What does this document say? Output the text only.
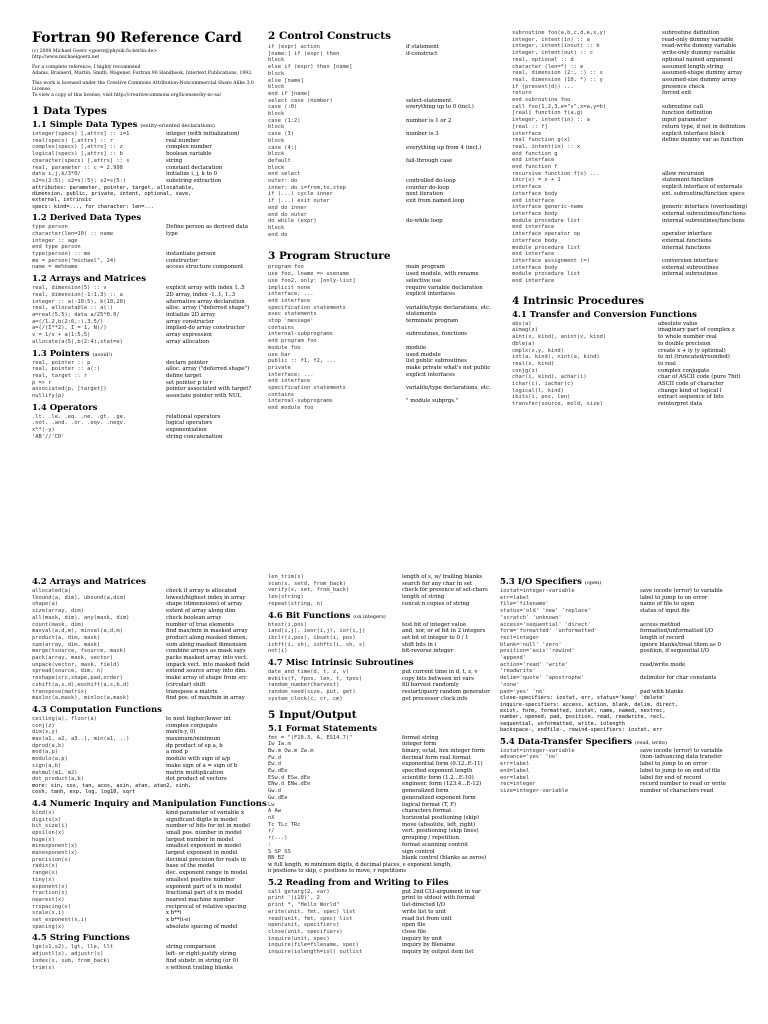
Fortran 90 Reference Card

(c) 2008 Michael Goerz <goerz@physik.fu-berlin.de>

http://www.michaelgoerz.net

For a complete reference, I highly recommend

Adams, Brainerd, Martin, Smith, Wagener, Fortran 90 Handbook, Intertext Publications, 1992.

This work is licensed under the Creative Commons Attribution-Noncommercial-Share Alike 3.0 License.

To view a copy of this license, visit http://creativecommons.org/licenses/by-nc-sa/

1 Data Types
1.1 Simple Data Types (entity-oriented declarations)
integer(specs) [,attrs] :: i=1	integer (with initialization)
real(specs) [,attrs] :: r	real number
complex(specs) [,attrs] :: z	complex number
logical(specs) [,attrs] :: b	boolean variable
character(specs) [,attrs] :: s	string
real, parameter :: c = 2.998	constant declaration
data i,j,k/3*0/	initialize i, j, k to 0
s2=s(2:5); s2=s(:5); s2=s(5:)	substring extraction

attributes: parameter, pointer, target, allocatable,

dimension, public, private, intent, optional, save,

external, intrinsic

specs: kind=..., for character: len=...

1.2 Derived Data Types
type person	Define person as derived data
character(len=10) :: name	type
integer :: age	
end type person	
type(person) :: me	instantiate person
me = person("michael", 24)	constructor
name = me%name	access structure component
1.2 Arrays and Matrices
real, dimension(5) :: v	explicit array with index 1..5
real, dimension(-1:1,3) :: a	2D array, index -1..1, 1..3
integer :: a(-10:5), b(10,20)	alternative array declaration
real, allocatable :: a(:)	alloc. array ("deferred shape")
a=real(5,5); data a/25*0.0/	initialize 2D array
a=(/1.2,b(2:6,:),3.5/)	array constructor
a=(/(I**2), I = 1, N)/)	implied-do array constructor
v = 1/v + a(1:5,5)	array expression
allocate(a(5),b(2:4),stat=e)	array allocation
1.3 Pointers (avoid!)
real, pointer :: p	declare pointer
real, pointer :: a(:)	alloc. array ("deferred shape")
real, target :: r	define target
p => r	set pointer p to r
associated(p, [target])	pointer associated with target?
nullify(p)	associate pointer with NUL
1.4 Operators
.lt. .le. .eq. .ne. .gt. .ge.	relational operators
.not. .and. .or. .eqv. .neqv.	logical operators
x**(-y)	exponentiation
'AB'//'CD'	string concatenation
2 Control Constructs
if (expr) action	if statement
[name:] if (expr) then	if-construct
block	
else if (expr) then [name]	
block	
else [name]	
block	
end if [name]	
select case (number)	select-statement
case (:0)	everything up to 0 (incl.)
block	
case (1:2)	number is 1 or 2
block	
case (3)	number is 3
block	
case (4:)	everything up from 4 (incl.)
block	
default	fall-through case
block	
end select	
outer: do	controlled do-loop
inner: do i=from,to,step	counter do-loop
if (...) cycle inner	next iteration
if (...) exit outer	exit from named loop
end do inner	
end do outer	
do while (expr)	do-while loop
block	
end do	
3 Program Structure
program foo	main program
use foo, lname => usename	used module, with rename
use foo2, only: [only-list]	selective use
implicit none	require variable declaration
interface; ...	explicit interfaces
end interface	
specification statements	variable/type declarations, etc.
exec statements	statements
stop 'message'	terminate program
contains	
internal-subprograms	subroutines, functions
end program foo	
module foo	module
use bar	used module
public :: f1, f2, ...	list public subroutines
private	make private what's not public
interface; ...	explicit interfaces
end interface	
specification statements	variable/type declarations, etc.
contains	
internal-subprograms	" module subprgs."
end module foo	
subroutine foo(a,b,c,d,e,x,y)	subroutine definition
integer, intent(in) :: a	read-only dummy variable
integer, intent(inout) :: b	read-write dummy variable
integer, intent(out) :: c	write-only dummy variable
real, optional :: d	optional named argument
character (len=*) :: e	assumed length string
real, dimension (2:, :) :: x	assumed-shape dummy array
real, dimension (10, *) :: y	assumed-size dummy array
if (present(d)) ...	presence check
return	forced exit
end subroutine foo	
call foo(1,2,3,e="s",x=a,y=b)	subroutine call
[real] function f(a,g)	function definition
integer, intent(in) :: a	input parameter
[real :: f]	return type, if not in definition
interface	explicit interface block
real function g(x)	define dummy var as function
real, intent(in) :: x	
end function g	
end interface	
end function f	
recursive function f(x) ...	allow recursion
incr(x) = x + 1	statement function
interface	explicit interface of externals
interface body	ext. subroutine/function specs
end interface	
interface generic-name	generic interface (overloading)
interface body	external subroutines/functions
module procedure list	internal subroutines/functions
end interface	
interface operator op	operator interface
interface body	external functions
module procedure list	internal functions
end interface	
interface assignment (=)	conversion interface
interface body	external subroutines
module procedure list	internal subroutines
end interface	
4 Intrinsic Procedures
4.1 Transfer and Conversion Functions
abs(a)	absolute value
aimag(z)	imaginary part of complex z
aint(x, kind), anint(x, kind)	to whole number real
dble(a)	to double precision
cmplx(x,y, kind)	create x + iy (y optional)
int(a, kind), nint(a, kind)	to int (truncated/rounded)
real(x, kind)	to real
conjg(z)	complex conjugate
char(i, kind), achar(i)	char of ASCII code (pure 7bit)
ichar(c), iachar(c)	ASCII code of character
logical(l, kind)	change kind of logical l
ibits(i, pos, len)	extract sequence of bits
transfer(source, mold, size)	reinterpret data
4.2 Arrays and Matrices
allocated(a)	check if array is allocated
lbound(a, dim), ubound(a,dim)	lowest/highest index in array
shape(a)	shape (dimensions) of array
size(array, dim)	extent of array along dim
all(mask, dim), any(mask, dim)	check boolean array
count(mask, dim)	number of true elements
maxval(a,d,m), minval(a,d,m)	find max/min in masked array
product(a, dim, mask)	product along masked dimen.
sum(array, dim, mask)	sum along masked dimension
merge(tsource, fsource, mask)	combine arrays as mask says
pack(array, mask, vector)	packs masked array into vect.
unpack(vector, mask, field)	unpack vect. into masked field
spread(source, dim, n)	extend source array into dim.
reshape(src,shape,pad,order)	make array of shape from src
cshift(a,s,d),eoshift(a,s,b,d)	(circular) shift
transpose(matrix)	transpose a matrix
maxloc(a,mask), minloc(a,mask)	find pos. of max/min in array
4.3 Computation Functions
ceiling(a), floor(a)	to next higher/lower int
conj(z)	complex conjugate
dim(x,y)	max(x-y, 0)
max(a1, a2, a3..), min(a1, ..)	maximum/minimum
dprod(a,b)	dp product of sp a, b
mod(a,p)	a mod p
modulo(a,p)	modulo with sign of a/p
sign(a,b)	make sign of a = sign of b
matmul(m1, m2)	matrix multiplication
dot_product(a,b)	dot product of vectors

more: sin, cos, tan, acos, asin, atan, atan2, sinh,

cosh, tanh, exp, log, log10, sqrt

4.4 Numeric Inquiry and Manipulation Functions
kind(x)	kind-parameter of variable x
digits(x)	significant digits in model
bit_size(i)	number of bits for int in model
epsilon(x)	small pos. number in model
huge(x)	largest number in model
minexponent(x)	smallest exponent in model
maxexponent(x)	largest exponent in model
precision(x)	decimal precision for reals in
radix(x)	base of the model
range(x)	dec. exponent range in model
tiny(x)	smallest positive number
exponent(x)	exponent part of x in model
fraction(x)	fractional part of x in model
nearest(x)	nearest machine number
rrspacing(x)	reciprocal of relative spacing
scale(x,i)	x b**i
set_exponent(x,i)	x b**(i-e)
spacing(x)	absolute spacing of model
4.5 String Functions
lge(s1,s2), lgt, lle, llt	string comparison
adjustl(s), adjustr(s)	left- or right-justify string
index(s, sub, from_back)	find substr. in string (or 0)
trim(s)	s without trailing blanks
len_trim(s)	length of s, w/ trailing blanks
scan(s, setd, from_back)	search for any char in set
verify(s, set, from_back)	check for presence of set-chars
len(string)	length of string
repeat(string, n)	concat n copies of string
4.6 Bit Functions (on integers)
btest(i,pos)	test bit of integer value
iand(i,j), ieor(i,j), ior(i,j)	and, xor, or of bit in 2 integers
ibclr(i,pos), ibset(i, pos)	set bit of integer to 0 / 1
ishft(i, sh), ishftc(i, sh, s)	shift bits in i
not(i)	bit-reverse integer
4.7 Misc Intrinsic Subroutines
date_and_time(d, t, z, v)	put current time in d, t, z, v
mvbits(f, fpos, len, t, tpos)	copy bits between int vars
random_number(harvest)	fill harvest randomly
random_seed(size, put, get)	restart/query random generator
system_clock(c, cr, cm)	get processor clock info
5 Input/Output
5.1 Format Statements
fmt = "(F10.3, A, ES14.7)"	format string
Iw Iw.m	integer form
Bw.m Ow.m Zw.m	binary, octal, hex integer form
Fw.d	decimal form real format
Ew.d	exponential form (0.12..E-11)
Ew.dEe	specified exponent length
ESw.d ESw.dEe	scientific form (1.2...E-10)
ENw.d ENw.dEe	engineer. form (123.4...E-12)
Gw.d	generalized form
Gw.dEe	generalized exponent form
Lw	logical format (T, F)
A Aw	characters format
nX	horizontal positioning (skip)
Tc TLc TRc	move (absolute, left, right)
r/	vert. positioning (skip lines)
r(...)	grouping / repetition
:	format scanning control
S SP SS	sign control
BN BZ	blank control (blanks as zeros)

w full length, m minimum digits, d decimal places, e exponent length,

n positions to skip, c positions to move, r repetitions

5.2 Reading from and Writing to Files
call getarg(2, var)	put 2nd CLI-argument in var
print '(i10)', 2	print to stdout with format
print *, "Hello World"	list-directed I/O
write(unit, fmt, spec) list	write list to unit
read(unit, fmt, spec) list	read list from unit
open(unit, specifiers)	open file
close(unit, specifiers)	close file
inquire(unit, spec)	inquiry by unit
inquire(file=filename, spec)	inquiry by filename
inquire(iolength=iol) outlist	inquiry by output item list
5.3 I/O Specifiers (open)
iostat=integer-variable	save iocode (error) to variable
err=label	label to jump to on error
file='filename'	name of file to open
status='old' 'new' 'replace'	status of input file
'scratch' 'unknown'	
access='sequential' 'direct'	access method
form='formatted' 'unformatted'	formatted/unformatted I/O
recl=integer	length of record
blank='null' 'zero'	ignore blanks/treat them as 0
position='asis''rewind'	position, if sequential I/O
'append'	
action='read' 'write'	read/write mode
'readwrite'	
delim='quote' 'apostrophe'	delimiter for char constants
'none'	
pad='yes' 'no'	pad with blanks

close-specifiers: iostat, err, status='keep' 'delete'

inquire-specifiers: access, action, blank, delim, direct,

exist, form, formatted, iostat, name, named, nextrec,

number, opened, pad, position, read, readwrite, recl,

sequential, unformatted, write, iolength

backspace-, endfile-, rewind-specifiers: iostat, err

5.4 Data-Transfer Specifiers (read, write)
iostat=integer-variable	save iocode (error) to variable
advance='yes' 'no'	(non-)advancing data transfer
err=label	label to jump to on error
end=label	label to jump to on end of file
eor=label	label for end of record
rec=integer	record number to read or write
size=integer-variable	number of characters read
